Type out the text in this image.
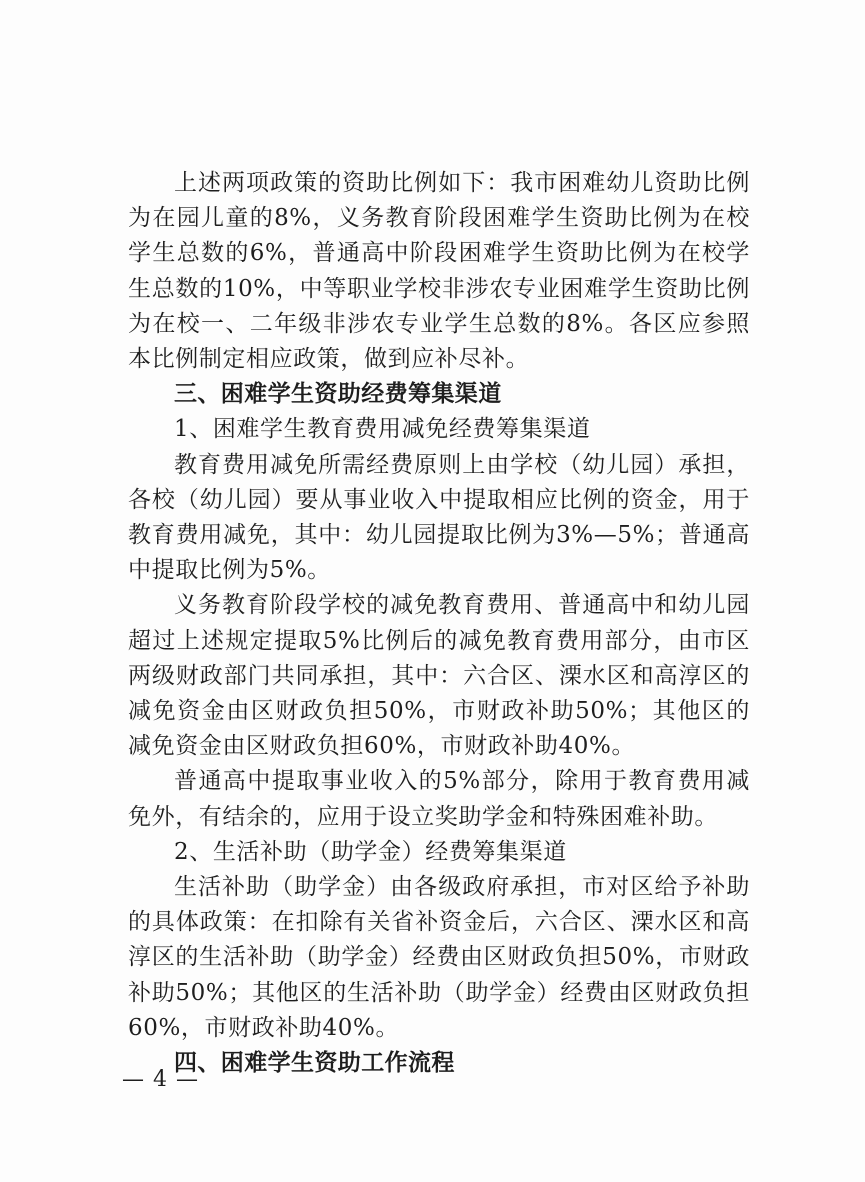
上述两项政策的资助比例如下：我市困难幼儿资助比例为在园儿童的8%，义务教育阶段困难学生资助比例为在校学生总数的6%，普通高中阶段困难学生资助比例为在校学生总数的10%，中等职业学校非涉农专业困难学生资助比例为在校一、二年级非涉农专业学生总数的8%。各区应参照本比例制定相应政策，做到应补尽补。

三、困难学生资助经费筹集渠道

1、困难学生教育费用减免经费筹集渠道

教育费用减免所需经费原则上由学校（幼儿园）承担，各校（幼儿园）要从事业收入中提取相应比例的资金，用于教育费用减免，其中：幼儿园提取比例为3%—5%；普通高中提取比例为5%。

义务教育阶段学校的减免教育费用、普通高中和幼儿园超过上述规定提取5%比例后的减免教育费用部分，由市区两级财政部门共同承担，其中：六合区、溧水区和高淳区的减免资金由区财政负担50%，市财政补助50%；其他区的减免资金由区财政负担60%，市财政补助40%。

普通高中提取事业收入的5%部分，除用于教育费用减免外，有结余的，应用于设立奖助学金和特殊困难补助。

2、生活补助（助学金）经费筹集渠道

生活补助（助学金）由各级政府承担，市对区给予补助的具体政策：在扣除有关省补资金后，六合区、溧水区和高淳区的生活补助（助学金）经费由区财政负担50%，市财政补助50%；其他区的生活补助（助学金）经费由区财政负担60%，市财政补助40%。

四、困难学生资助工作流程

— 4 —
